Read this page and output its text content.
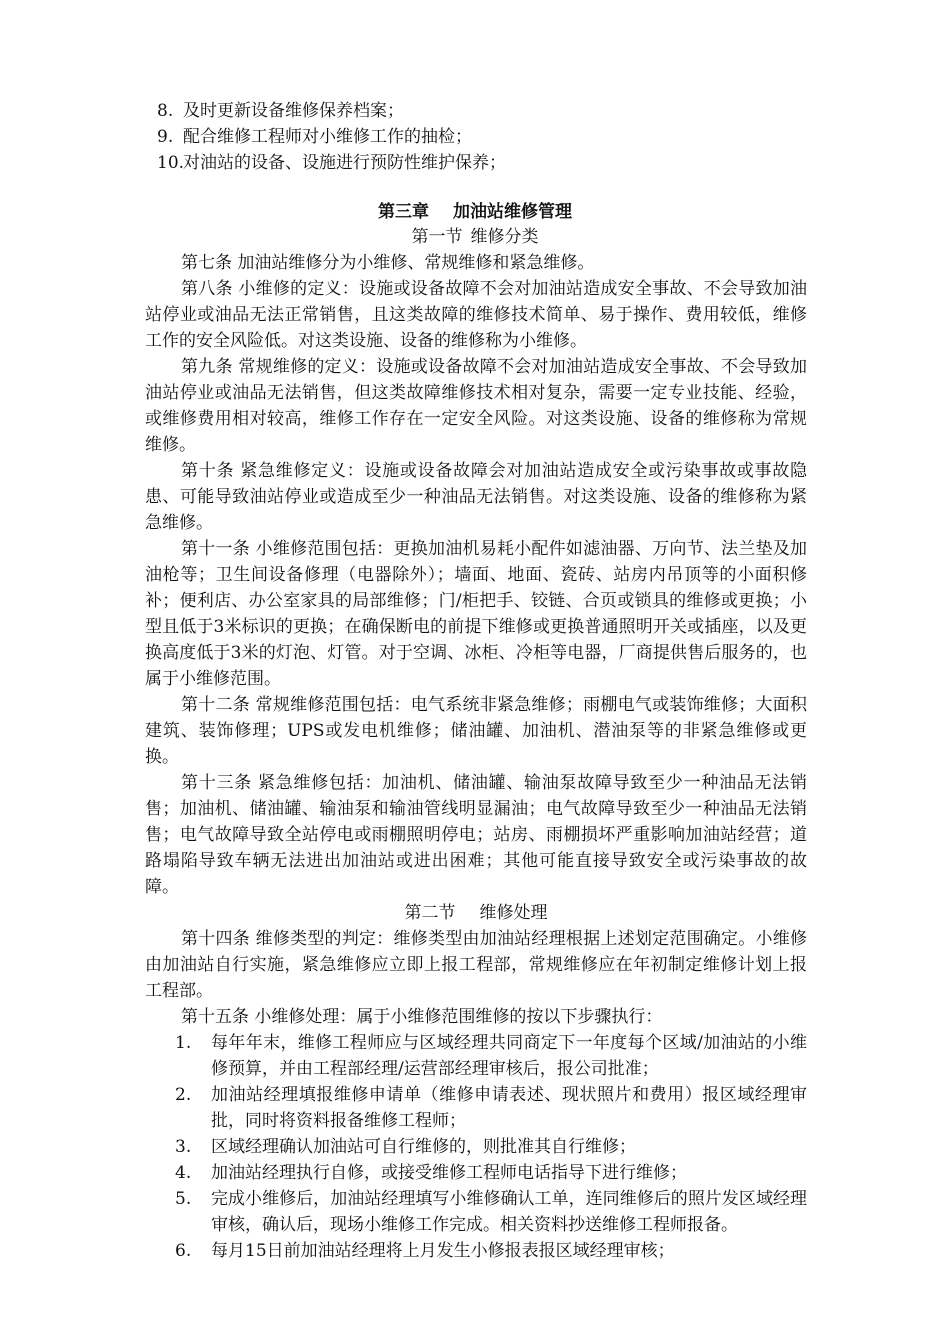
8. 及时更新设备维修保养档案；
9. 配合维修工程师对小维修工作的抽检；
10.
对油站的设备、设施进行预防性维护保养；
第三章 加油站维修管理
第一节 维修分类

第七条 加油站维修分为小维修、常规维修和紧急维修。

第八条 小维修的定义：设施或设备故障不会对加油站造成安全事故、不会导致加油站停业或油品无法正常销售，且这类故障的维修技术简单、易于操作、费用较低，维修工作的安全风险低。对这类设施、设备的维修称为小维修。

第九条 常规维修的定义：设施或设备故障不会对加油站造成安全事故、不会导致加油站停业或油品无法销售，但这类故障维修技术相对复杂，需要一定专业技能、经验，或维修费用相对较高，维修工作存在一定安全风险。对这类设施、设备的维修称为常规维修。

第十条 紧急维修定义：设施或设备故障会对加油站造成安全或污染事故或事故隐患、可能导致油站停业或造成至少一种油品无法销售。对这类设施、设备的维修称为紧急维修。

第十一条 小维修范围包括：更换加油机易耗小配件如滤油器、万向节、法兰垫及加油枪等；卫生间设备修理（电器除外）；墙面、地面、瓷砖、站房内吊顶等的小面积修补；便利店、办公室家具的局部维修；门/柜把手、铰链、合页或锁具的维修或更换；小型且低于3米标识的更换；在确保断电的前提下维修或更换普通照明开关或插座，以及更换高度低于3米的灯泡、灯管。对于空调、冰柜、冷柜等电器，厂商提供售后服务的，也属于小维修范围。

第十二条 常规维修范围包括：电气系统非紧急维修；雨棚电气或装饰维修；大面积建筑、装饰修理；UPS或发电机维修；储油罐、加油机、潜油泵等的非紧急维修或更换。

第十三条 紧急维修包括：加油机、储油罐、输油泵故障导致至少一种油品无法销售；加油机、储油罐、输油泵和输油管线明显漏油；电气故障导致至少一种油品无法销售；电气故障导致全站停电或雨棚照明停电；站房、雨棚损坏严重影响加油站经营；道路塌陷导致车辆无法进出加油站或进出困难；其他可能直接导致安全或污染事故的故障。

第二节 维修处理

第十四条 维修类型的判定：维修类型由加油站经理根据上述划定范围确定。小维修由加油站自行实施，紧急维修应立即上报工程部，常规维修应在年初制定维修计划上报工程部。

第十五条 小维修处理：属于小维修范围维修的按以下步骤执行：

1.	每年年末，维修工程师应与区域经理共同商定下一年度每个区域/加油站的小维修预算，并由工程部经理/运营部经理审核后，报公司批准；
2.	加油站经理填报维修申请单（维修申请表述、现状照片和费用）报区域经理审批，同时将资料报备维修工程师；
3.	区域经理确认加油站可自行维修的，则批准其自行维修；
4.	加油站经理执行自修，或接受维修工程师电话指导下进行维修；
5.	完成小维修后，加油站经理填写小维修确认工单，连同维修后的照片发区域经理审核，确认后，现场小维修工作完成。相关资料抄送维修工程师报备。
6.	每月15日前加油站经理将上月发生小修报表报区域经理审核；
